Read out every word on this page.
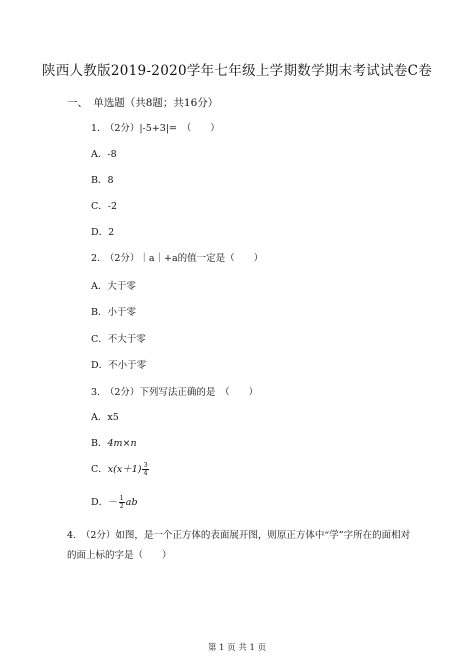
陕西人教版2019-2020学年七年级上学期数学期末考试试卷C卷
一、　单选题（共8题；共16分）
1.　（2分）|-5+3|=　（　　）
A．-8
B．8
C．-2
D．2
2.　（2分）｜a｜+a的值一定是（　　）
A．大于零
B．小于零
C．不大于零
D．不小于零
3.　（2分）下列写法正确的是　（　　）
A．x5
B．4m×n
C．$x(x+1) \frac{3}{4}$
D．－ $\frac{1}{2}$ ab
4.　（2分）如图，是一个正方体的表面展开图，则原正方体中“学”字所在的面相对的面上标的字是（　　）
第 1 页 共 1 页
